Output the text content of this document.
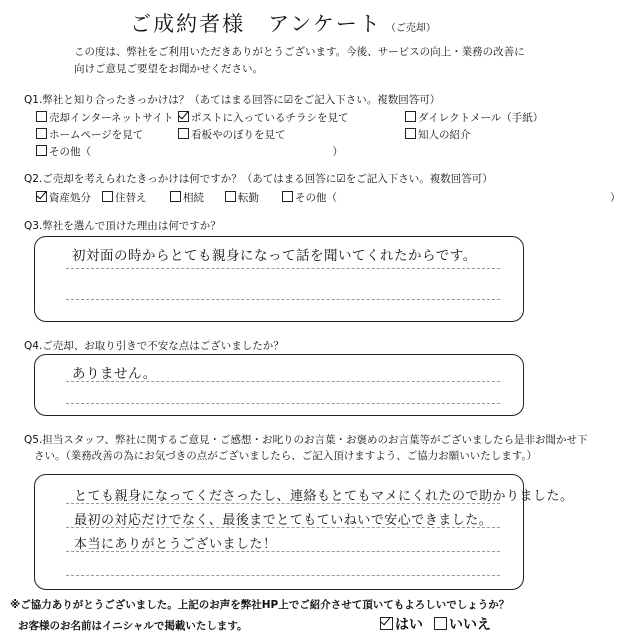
ご成約者様　アンケート （ご売却）
この度は、弊社をご利用いただきありがとうございます。今後、サービスの向上・業務の改善に
向けご意見ご要望をお聞かせください。
Q1.弊社と知り合ったきっかけは？（あてはまる回答に☑をご記入下さい。複数回答可）
売却インターネットサイト	ポストに入っているチラシを見て	ダイレクトメール（手紙）
ホームページを見て	看板やのぼりを見て	知人の紹介
その他（　　　　　　　　　　　　　　　　　　　　　　　）
Q2.ご売却を考えられたきっかけは何ですか？（あてはまる回答に☑をご記入下さい。複数回答可）
資産処分	住替え	相続	転勤	その他（　　　　　　　　　　　　　　　　　　　　　　　　　　）
Q3.弊社を選んで頂けた理由は何ですか？
初対面の時からとても親身になって話を聞いてくれたからです。
Q4.ご売却、お取り引きで不安な点はございましたか？
ありません。
Q5.担当スタッフ、弊社に関するご意見・ご感想・お叱りのお言葉・お褒めのお言葉等がございましたら是非お聞かせ下
さい。（業務改善の為にお気づきの点がございましたら、ご記入頂けますよう、ご協力お願いいたします。）
とても親身になってくださったし、連絡もとてもマメにくれたので助かりました。
最初の対応だけでなく、最後までとてもていねいで安心できました。
本当にありがとうございました！
※ご協力ありがとうございました。上記のお声を弊社HP上でご紹介させて頂いてもよろしいでしょうか？
お客様のお名前はイニシャルで掲載いたします。	はい	いいえ
